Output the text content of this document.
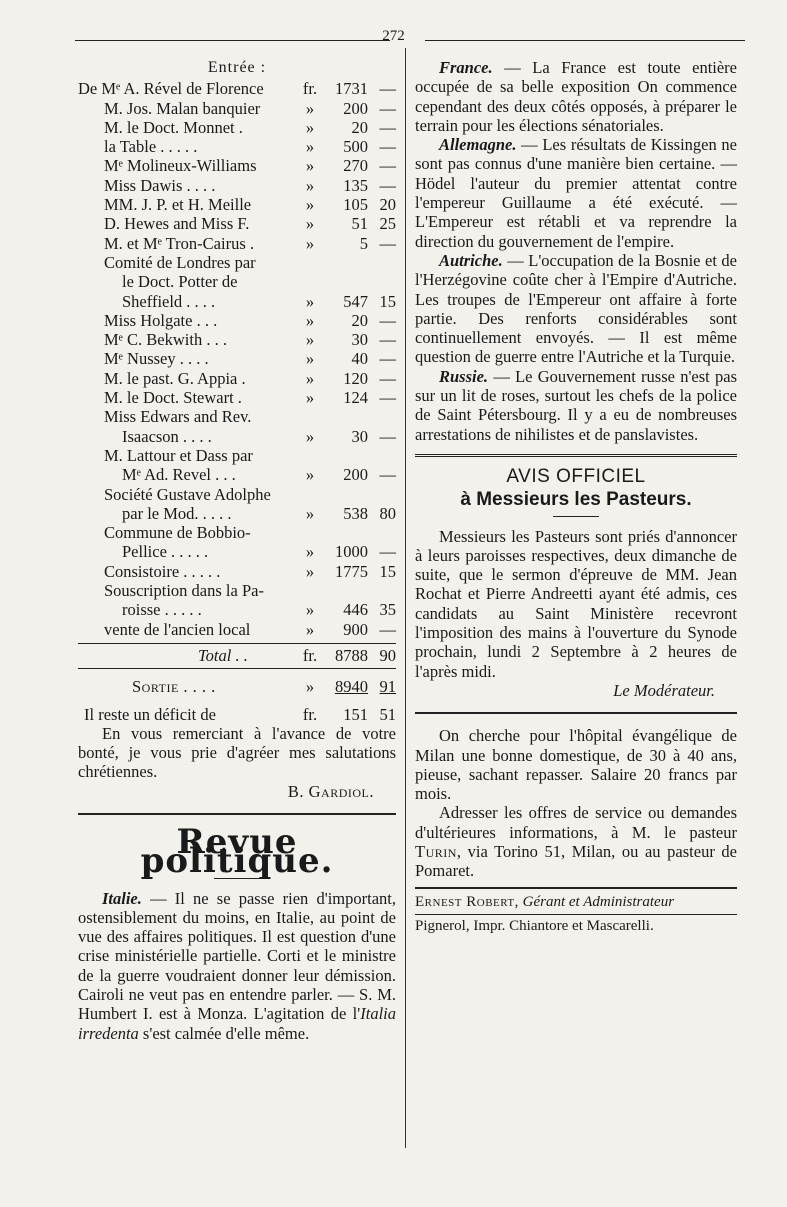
272
Entrée :
De Mᵉ A. Rével de Florence	fr.	1731 —
M. Jos. Malan banquier	»	200 —
M. le Doct. Monnet .	»	20 —
la Table . . . . .	»	500 —
Mᵉ Molineux-Williams	»	270 —
Miss Dawis . . . .	»	135 —
MM. J. P. et H. Meille	»	105 20
D. Hewes and Miss F.	»	51 25
M. et Mᵉ Tron-Cairus .	»	5 —
Comité de Londres par
le Doct. Potter de
Sheffield . . . .	»	547 15
Miss Holgate . . .	»	20 —
Mᵉ C. Bekwith . . .	»	30 —
Mᵉ Nussey . . . .	»	40 —
M. le past. G. Appia .	»	120 —
M. le Doct. Stewart .	»	124 —
Miss Edwars and Rev.
Isaacson . . . .	»	30 —
M. Lattour et Dass par
Mᵉ Ad. Revel . . .	»	200 —
Société Gustave Adolphe
par le Mod. . . . .	»	538 80
Commune de Bobbio-
Pellice . . . . .	»	1000 —
Consistoire . . . . .	»	1775 15
Souscription dans la Pa-
roisse . . . . .	»	446 35
vente de l'ancien local	»	900 —
Total . .	fr.	8788 90
Sortie . . . .	»	8940 91
Il reste un déficit de	fr.	151 51
En vous remerciant à l'avance de votre bonté, je vous prie d'agréer mes salutations chrétiennes.
B. Gardiol.
Revue politique.
Italie. — Il ne se passe rien d'important, ostensiblement du moins, en Italie, au point de vue des affaires politiques. Il est question d'une crise ministérielle partielle. Corti et le ministre de la guerre voudraient donner leur démission. Cairoli ne veut pas en entendre parler. — S. M. Humbert I. est à Monza. L'agitation de l'Italia irredenta s'est calmée d'elle même.
France. — La France est toute entière occupée de sa belle exposition On commence cependant des deux côtés opposés, à préparer le terrain pour les élections sénatoriales.
Allemagne. — Les résultats de Kissingen ne sont pas connus d'une manière bien certaine. — Hödel l'auteur du premier attentat contre l'empereur Guillaume a été exécuté. — L'Empereur est rétabli et va reprendre la direction du gouvernement de l'empire.
Autriche. — L'occupation de la Bosnie et de l'Herzégovine coûte cher à l'Empire d'Autriche. Les troupes de l'Empereur ont affaire à forte partie. Des renforts considérables sont continuellement envoyés. — Il est même question de guerre entre l'Autriche et la Turquie.
Russie. — Le Gouvernement russe n'est pas sur un lit de roses, surtout les chefs de la police de Saint Pétersbourg. Il y a eu de nombreuses arrestations de nihilistes et de panslavistes.
AVIS OFFICIEL
à Messieurs les Pasteurs.
Messieurs les Pasteurs sont priés d'annoncer à leurs paroisses respectives, deux dimanche de suite, que le sermon d'épreuve de MM. Jean Rochat et Pierre Andreetti ayant été admis, ces candidats au Saint Ministère recevront l'imposition des mains à l'ouverture du Synode prochain, lundi 2 Septembre à 2 heures de l'après midi.
Le Modérateur.
On cherche pour l'hôpital évangélique de Milan une bonne domestique, de 30 à 40 ans, pieuse, sachant repasser. Salaire 20 francs par mois.
Adresser les offres de service ou demandes d'ultérieures informations, à M. le pasteur Turin, via Torino 51, Milan, ou au pasteur de Pomaret.
Ernest Robert, Gérant et Administrateur
Pignerol, Impr. Chiantore et Mascarelli.
